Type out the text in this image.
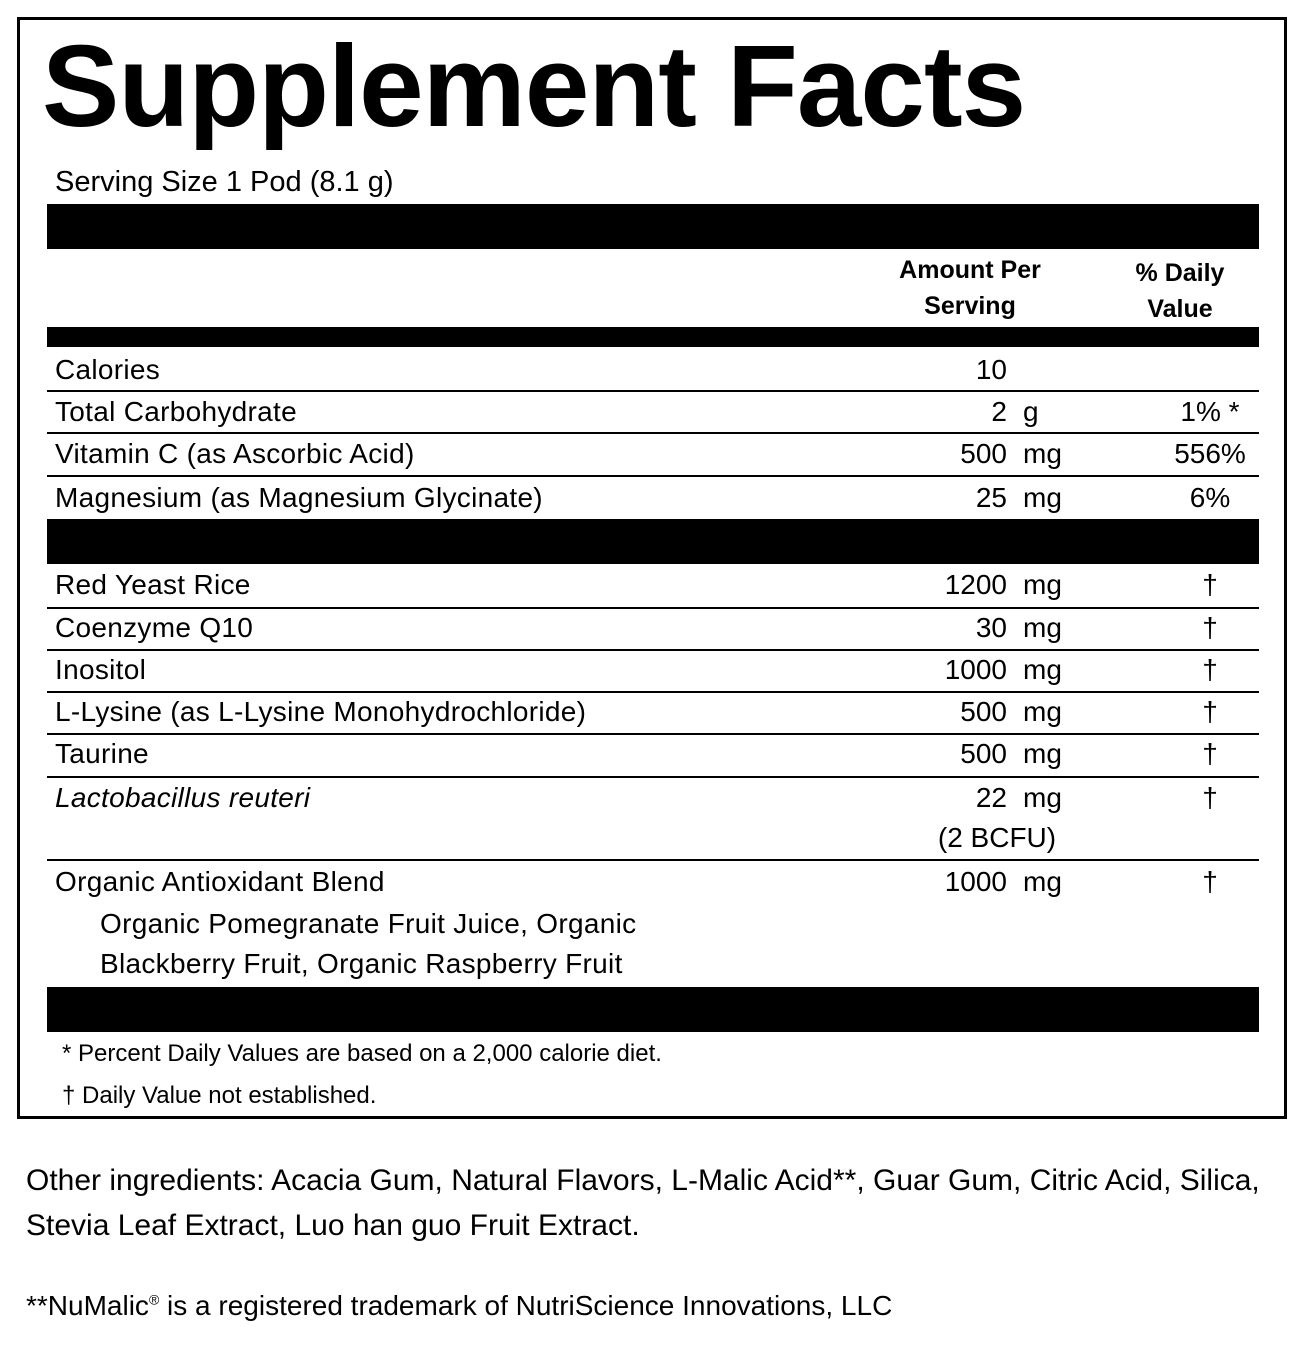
Supplement Facts
Serving Size 1 Pod (8.1 g)
Amount Per
Serving
% Daily
Value
Calories	10
Total Carbohydrate	2 g	1% *
Vitamin C (as Ascorbic Acid)	500 mg	556%
Magnesium (as Magnesium Glycinate)	25 mg	6%
Red Yeast Rice	1200 mg	†
Coenzyme Q10	30 mg	†
Inositol	1000 mg	†
L-Lysine (as L-Lysine Monohydrochloride)	500 mg	†
Taurine	500 mg	†
Lactobacillus reuteri	22 mg	†
(2 BCFU)
Organic Antioxidant Blend	1000 mg	†
Organic Pomegranate Fruit Juice, Organic
Blackberry Fruit, Organic Raspberry Fruit
* Percent Daily Values are based on a 2,000 calorie diet.
† Daily Value not established.
Other ingredients: Acacia Gum, Natural Flavors, L-Malic Acid**, Guar Gum, Citric Acid, Silica, Stevia Leaf Extract, Luo han guo Fruit Extract.
**NuMalic® is a registered trademark of NutriScience Innovations, LLC
